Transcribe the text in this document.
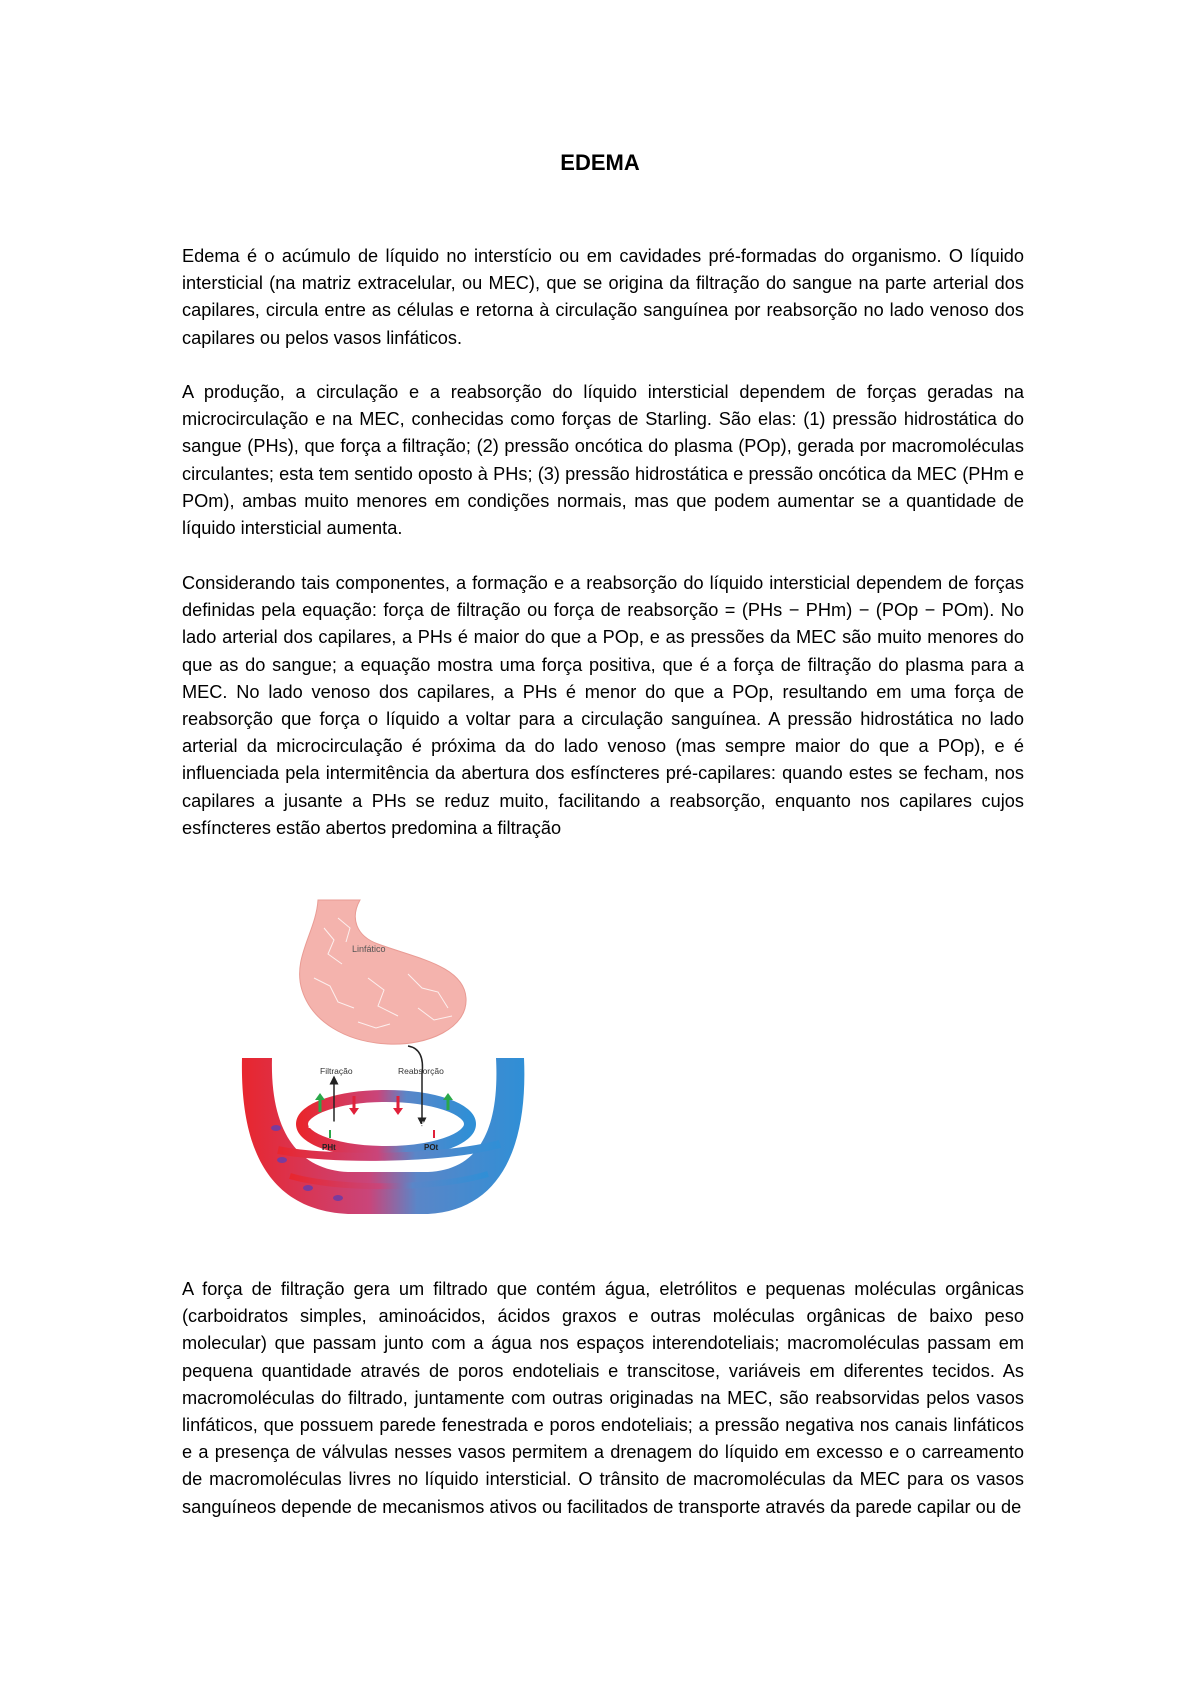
EDEMA

Edema é o acúmulo de líquido no interstício ou em cavidades pré-formadas do organismo. O líquido intersticial (na matriz extracelular, ou MEC), que se origina da filtração do sangue na parte arterial dos capilares, circula entre as células e retorna à circulação sanguínea por reabsorção no lado venoso dos capilares ou pelos vasos linfáticos.

A produção, a circulação e a reabsorção do líquido intersticial dependem de forças geradas na microcirculação e na MEC, conhecidas como forças de Starling. São elas: (1) pressão hidrostática do sangue (PHs), que força a filtração; (2) pressão oncótica do plasma (POp), gerada por macromoléculas circulantes; esta tem sentido oposto à PHs; (3) pressão hidrostática e pressão oncótica da MEC (PHm e POm), ambas muito menores em condições normais, mas que podem aumentar se a quantidade de líquido intersticial aumenta.

Considerando tais componentes, a formação e a reabsorção do líquido intersticial dependem de forças definidas pela equação: força de filtração ou força de reabsorção = (PHs − PHm) − (POp − POm). No lado arterial dos capilares, a PHs é maior do que a POp, e as pressões da MEC são muito menores do que as do sangue; a equação mostra uma força positiva, que é a força de filtração do plasma para a MEC. No lado venoso dos capilares, a PHs é menor do que a POp, resultando em uma força de reabsorção que força o líquido a voltar para a circulação sanguínea. A pressão hidrostática no lado arterial da microcirculação é próxima da do lado venoso (mas sempre maior do que a POp), e é influenciada pela intermitência da abertura dos esfíncteres pré-capilares: quando estes se fecham, nos capilares a jusante a PHs se reduz muito, facilitando a reabsorção, enquanto nos capilares cujos esfíncteres estão abertos predomina a filtração

Linfático
Filtração	Reabsorção
PHs>POp	POp>PHs
PHt	POt

A força de filtração gera um filtrado que contém água, eletrólitos e pequenas moléculas orgânicas (carboidratos simples, aminoácidos, ácidos graxos e outras moléculas orgânicas de baixo peso molecular) que passam junto com a água nos espaços interendoteliais; macromoléculas passam em pequena quantidade através de poros endoteliais e transcitose, variáveis em diferentes tecidos. As macromoléculas do filtrado, juntamente com outras originadas na MEC, são reabsorvidas pelos vasos linfáticos, que possuem parede fenestrada e poros endoteliais; a pressão negativa nos canais linfáticos e a presença de válvulas nesses vasos permitem a drenagem do líquido em excesso e o carreamento de macromoléculas livres no líquido intersticial. O trânsito de macromoléculas da MEC para os vasos sanguíneos depende de mecanismos ativos ou facilitados de transporte através da parede capilar ou de
